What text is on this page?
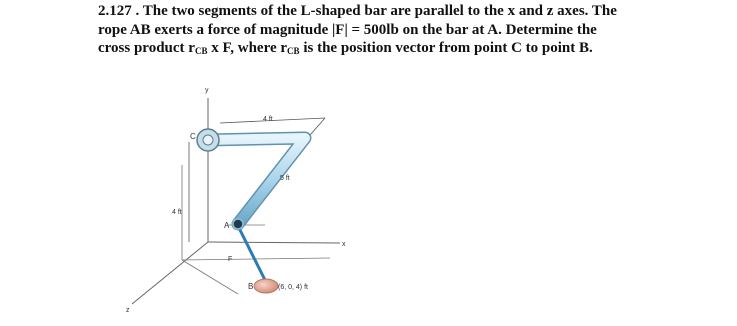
2.127 . The two segments of the L-shaped bar are parallel to the x and z axes. The
rope AB exerts a force of magnitude |F| = 500lb on the bar at A. Determine the
cross product $r_{CB}$ x F, where $r_{CB}$ is the position vector from point C to point B.
y
x
z
C
A
B
F
4 ft
5 ft
4 ft
(6, 0, 4) ft
